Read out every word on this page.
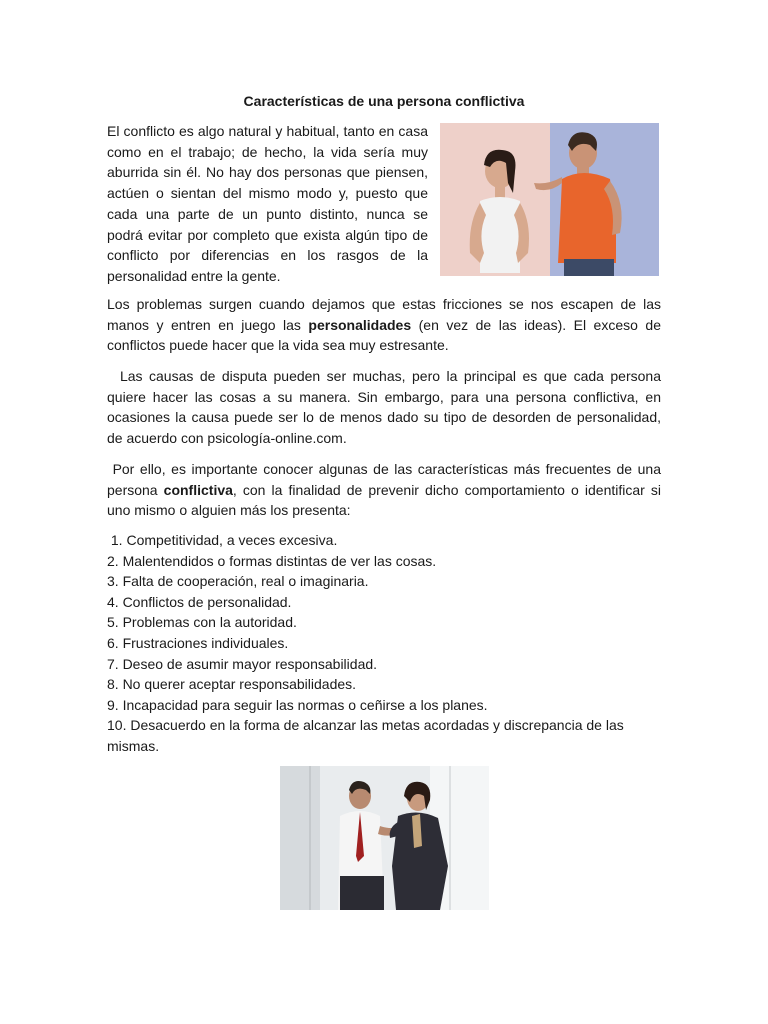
Características de una persona conflictiva

El conflicto es algo natural y habitual, tanto en casa como en el trabajo; de hecho, la vida sería muy aburrida sin él. No hay dos personas que piensen, actúen o sientan del mismo modo y, puesto que cada una parte de un punto distinto, nunca se podrá evitar por completo que exista algún tipo de conflicto por diferencias en los rasgos de la personalidad entre la gente.

Los problemas surgen cuando dejamos que estas fricciones se nos escapen de las manos y entren en juego las personalidades (en vez de las ideas). El exceso de conflictos puede hacer que la vida sea muy estresante.

Las causas de disputa pueden ser muchas, pero la principal es que cada persona quiere hacer las cosas a su manera. Sin embargo, para una persona conflictiva, en ocasiones la causa puede ser lo de menos dado su tipo de desorden de personalidad, de acuerdo con psicología-online.com.

Por ello, es importante conocer algunas de las características más frecuentes de una persona conflictiva, con la finalidad de prevenir dicho comportamiento o identificar si uno mismo o alguien más los presenta:

1. Competitividad, a veces excesiva.
2. Malentendidos o formas distintas de ver las cosas.
3. Falta de cooperación, real o imaginaria.
4. Conflictos de personalidad.
5. Problemas con la autoridad.
6. Frustraciones individuales.
7. Deseo de asumir mayor responsabilidad.
8. No querer aceptar responsabilidades.
9. Incapacidad para seguir las normas o ceñirse a los planes.
10. Desacuerdo en la forma de alcanzar las metas acordadas y discrepancia de las mismas.
